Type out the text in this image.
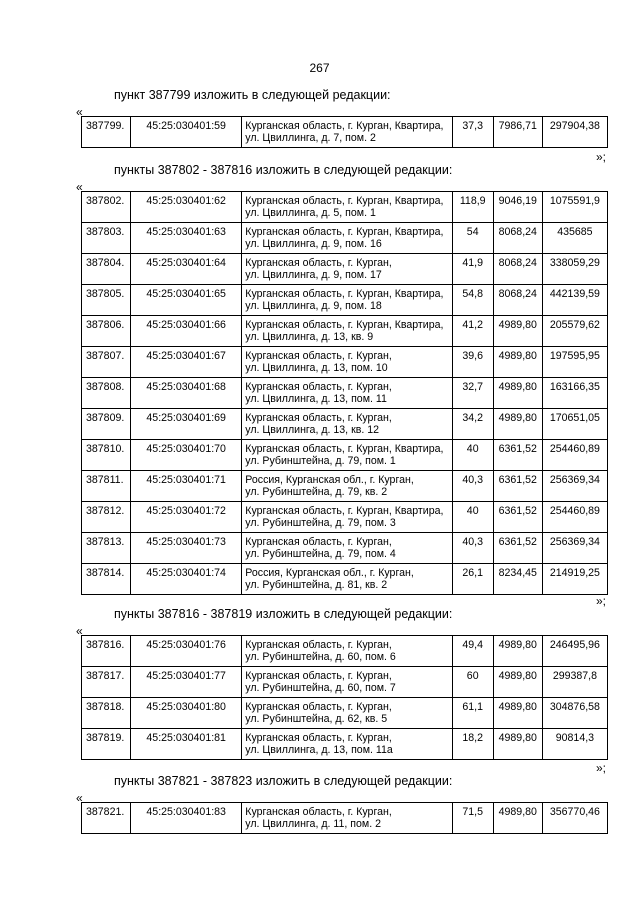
267
пункт 387799 изложить в следующей редакции:
«
387799.	45:25:030401:59	Курганская область, г. Курган, Квартира,
ул. Цвиллинга, д. 7, пом. 2	37,3	7986,71	297904,38
»;
пункты 387802 - 387816 изложить в следующей редакции:
«
387802.	45:25:030401:62	Курганская область, г. Курган, Квартира,
ул. Цвиллинга, д. 5, пом. 1	118,9	9046,19	1075591,9
387803.	45:25:030401:63	Курганская область, г. Курган, Квартира,
ул. Цвиллинга, д. 9, пом. 16	54	8068,24	435685
387804.	45:25:030401:64	Курганская область, г. Курган,
ул. Цвиллинга, д. 9, пом. 17	41,9	8068,24	338059,29
387805.	45:25:030401:65	Курганская область, г. Курган, Квартира,
ул. Цвиллинга, д. 9, пом. 18	54,8	8068,24	442139,59
387806.	45:25:030401:66	Курганская область, г. Курган, Квартира,
ул. Цвиллинга, д. 13, кв. 9	41,2	4989,80	205579,62
387807.	45:25:030401:67	Курганская область, г. Курган,
ул. Цвиллинга, д. 13, пом. 10	39,6	4989,80	197595,95
387808.	45:25:030401:68	Курганская область, г. Курган,
ул. Цвиллинга, д. 13, пом. 11	32,7	4989,80	163166,35
387809.	45:25:030401:69	Курганская область, г. Курган,
ул. Цвиллинга, д. 13, кв. 12	34,2	4989,80	170651,05
387810.	45:25:030401:70	Курганская область, г. Курган, Квартира,
ул. Рубинштейна, д. 79, пом. 1	40	6361,52	254460,89
387811.	45:25:030401:71	Россия, Курганская обл., г. Курган,
ул. Рубинштейна, д. 79, кв. 2	40,3	6361,52	256369,34
387812.	45:25:030401:72	Курганская область, г. Курган, Квартира,
ул. Рубинштейна, д. 79, пом. 3	40	6361,52	254460,89
387813.	45:25:030401:73	Курганская область, г. Курган,
ул. Рубинштейна, д. 79, пом. 4	40,3	6361,52	256369,34
387814.	45:25:030401:74	Россия, Курганская обл., г. Курган,
ул. Рубинштейна, д. 81, кв. 2	26,1	8234,45	214919,25
»;
пункты 387816 - 387819 изложить в следующей редакции:
«
387816.	45:25:030401:76	Курганская область, г. Курган,
ул. Рубинштейна, д. 60, пом. 6	49,4	4989,80	246495,96
387817.	45:25:030401:77	Курганская область, г. Курган,
ул. Рубинштейна, д. 60, пом. 7	60	4989,80	299387,8
387818.	45:25:030401:80	Курганская область, г. Курган,
ул. Рубинштейна, д. 62, кв. 5	61,1	4989,80	304876,58
387819.	45:25:030401:81	Курганская область, г. Курган,
ул. Цвиллинга, д. 13, пом. 11а	18,2	4989,80	90814,3
»;
пункты 387821 - 387823 изложить в следующей редакции:
«
387821.	45:25:030401:83	Курганская область, г. Курган,
ул. Цвиллинга, д. 11, пом. 2	71,5	4989,80	356770,46
